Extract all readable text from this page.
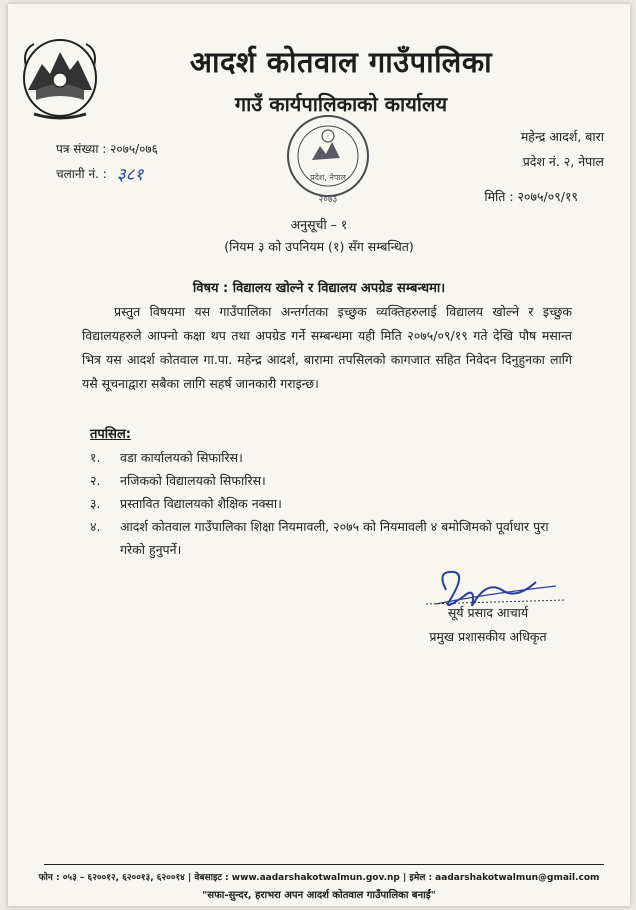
आदर्श कोतवाल गाउँपालिका
गाउँ कार्यपालिकाको कार्यालय
पत्र संख्या : २०७५/०७६
चलानी नं. : ३८१	प्रदेश, नेपाल
२०७३
महेन्द्र आदर्श, बारा
प्रदेश नं. २, नेपाल
मिति : २०७५/०९/१९
अनुसूची – १
(नियम ३ को उपनियम (१) सँग सम्बन्धित)
विषय : विद्यालय खोल्ने र विद्यालय अपग्रेड सम्बन्धमा।
प्रस्तुत विषयमा यस गाउँपालिका अन्तर्गतका इच्छुक व्यक्तिहरुलाई विद्यालय खोल्ने र इच्छुक विद्यालयहरुले आफ्नो कक्षा थप तथा अपग्रेड गर्ने सम्बन्धमा यही मिति २०७५/०९/१९ गते देखि पौष मसान्त भित्र यस आदर्श कोतवाल गा.पा. महेन्द्र आदर्श, बारामा तपसिलको कागजात सहित निवेदन दिनुहुनका लागि यसै सूचनाद्वारा सबैका लागि सहर्ष जानकारी गराइन्छ।
तपसिल:
१.	वडा कार्यालयको सिफारिस।
२.	नजिकको विद्यालयको सिफारिस।
३.	प्रस्तावित विद्यालयको शैक्षिक नक्सा।
४.	आदर्श कोतवाल गाउँपालिका शिक्षा नियमावली, २०७५ को नियमावली ४ बमोजिमको पूर्वाधार पुरा गरेको हुनुपर्ने।
सूर्य प्रसाद आचार्य
प्रमुख प्रशासकीय अधिकृत
फोन : ०५३ – ६२००१२, ६२००१३, ६२००१४ | वेबसाइट : www.aadarshakotwalmun.gov.np | इमेल : aadarshakotwalmun@gmail.com
"सफा-सुन्दर, हराभरा अपन आदर्श कोतवाल गाउँपालिका बनाईं"
